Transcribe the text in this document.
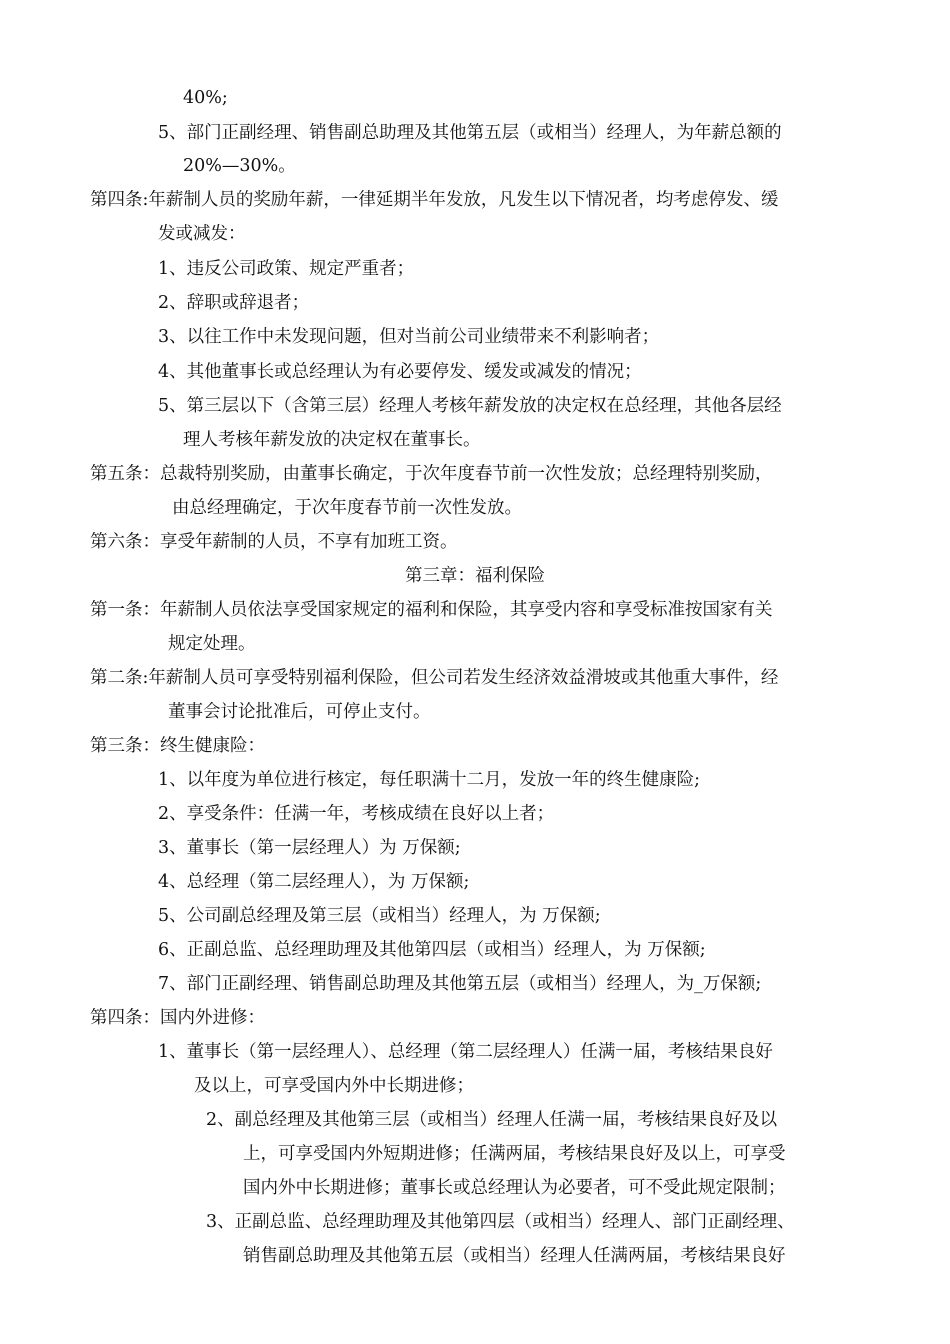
40%;
5、部门正副经理、销售副总助理及其他第五层（或相当）经理人，为年薪总额的
20%—30%。
第四条:年薪制人员的奖励年薪，一律延期半年发放，凡发生以下情况者，均考虑停发、缓
发或减发：
1、违反公司政策、规定严重者；
2、辞职或辞退者；
3、以往工作中未发现问题，但对当前公司业绩带来不利影响者；
4、其他董事长或总经理认为有必要停发、缓发或减发的情况；
5、第三层以下（含第三层）经理人考核年薪发放的决定权在总经理，其他各层经
理人考核年薪发放的决定权在董事长。
第五条：总裁特别奖励，由董事长确定，于次年度春节前一次性发放；总经理特别奖励，
由总经理确定，于次年度春节前一次性发放。
第六条：享受年薪制的人员，不享有加班工资。
第三章：福利保险
第一条：年薪制人员依法享受国家规定的福利和保险，其享受内容和享受标准按国家有关
规定处理。
第二条:年薪制人员可享受特别福利保险，但公司若发生经济效益滑坡或其他重大事件，经
董事会讨论批准后，可停止支付。
第三条：终生健康险：
1、以年度为单位进行核定，每任职满十二月，发放一年的终生健康险;
2、享受条件：任满一年，考核成绩在良好以上者；
3、董事长（第一层经理人）为 万保额;
4、总经理（第二层经理人），为 万保额;
5、公司副总经理及第三层（或相当）经理人，为 万保额;
6、正副总监、总经理助理及其他第四层（或相当）经理人，为 万保额;
7、部门正副经理、销售副总助理及其他第五层（或相当）经理人，为_万保额;
第四条：国内外进修：
1、董事长（第一层经理人）、总经理（第二层经理人）任满一届，考核结果良好
及以上，可享受国内外中长期进修；
2、副总经理及其他第三层（或相当）经理人任满一届，考核结果良好及以
上，可享受国内外短期进修；任满两届，考核结果良好及以上，可享受
国内外中长期进修；董事长或总经理认为必要者，可不受此规定限制；
3、正副总监、总经理助理及其他第四层（或相当）经理人、部门正副经理、
销售副总助理及其他第五层（或相当）经理人任满两届，考核结果良好
